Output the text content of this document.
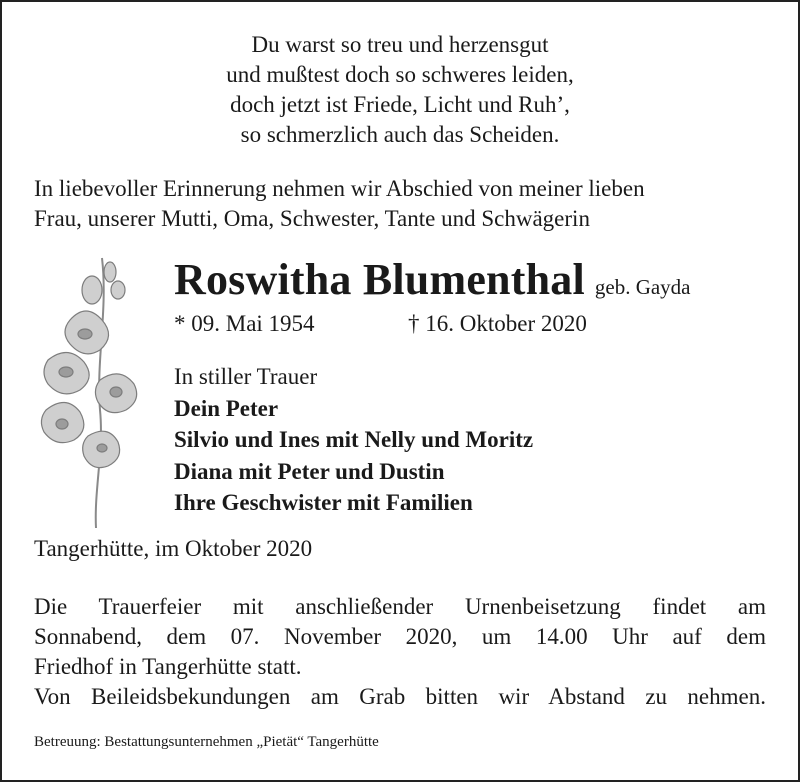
Du warst so treu und herzensgut
und mußtest doch so schweres leiden,
doch jetzt ist Friede, Licht und Ruh’,
so schmerzlich auch das Scheiden.
In liebevoller Erinnerung nehmen wir Abschied von meiner lieben
Frau, unserer Mutti, Oma, Schwester, Tante und Schwägerin
Roswitha Blumenthal geb. Gayda
* 09. Mai 1954	† 16. Oktober 2020
In stiller Trauer
Dein Peter
Silvio und Ines mit Nelly und Moritz
Diana mit Peter und Dustin
Ihre Geschwister mit Familien
Tangerhütte, im Oktober 2020
Die Trauerfeier mit anschließender Urnenbeisetzung findet am
Sonnabend, dem 07. November 2020, um 14.00 Uhr auf dem
Friedhof in Tangerhütte statt.
Von Beileidsbekundungen am Grab bitten wir Abstand zu nehmen.
Betreuung: Bestattungsunternehmen „Pietät“ Tangerhütte
